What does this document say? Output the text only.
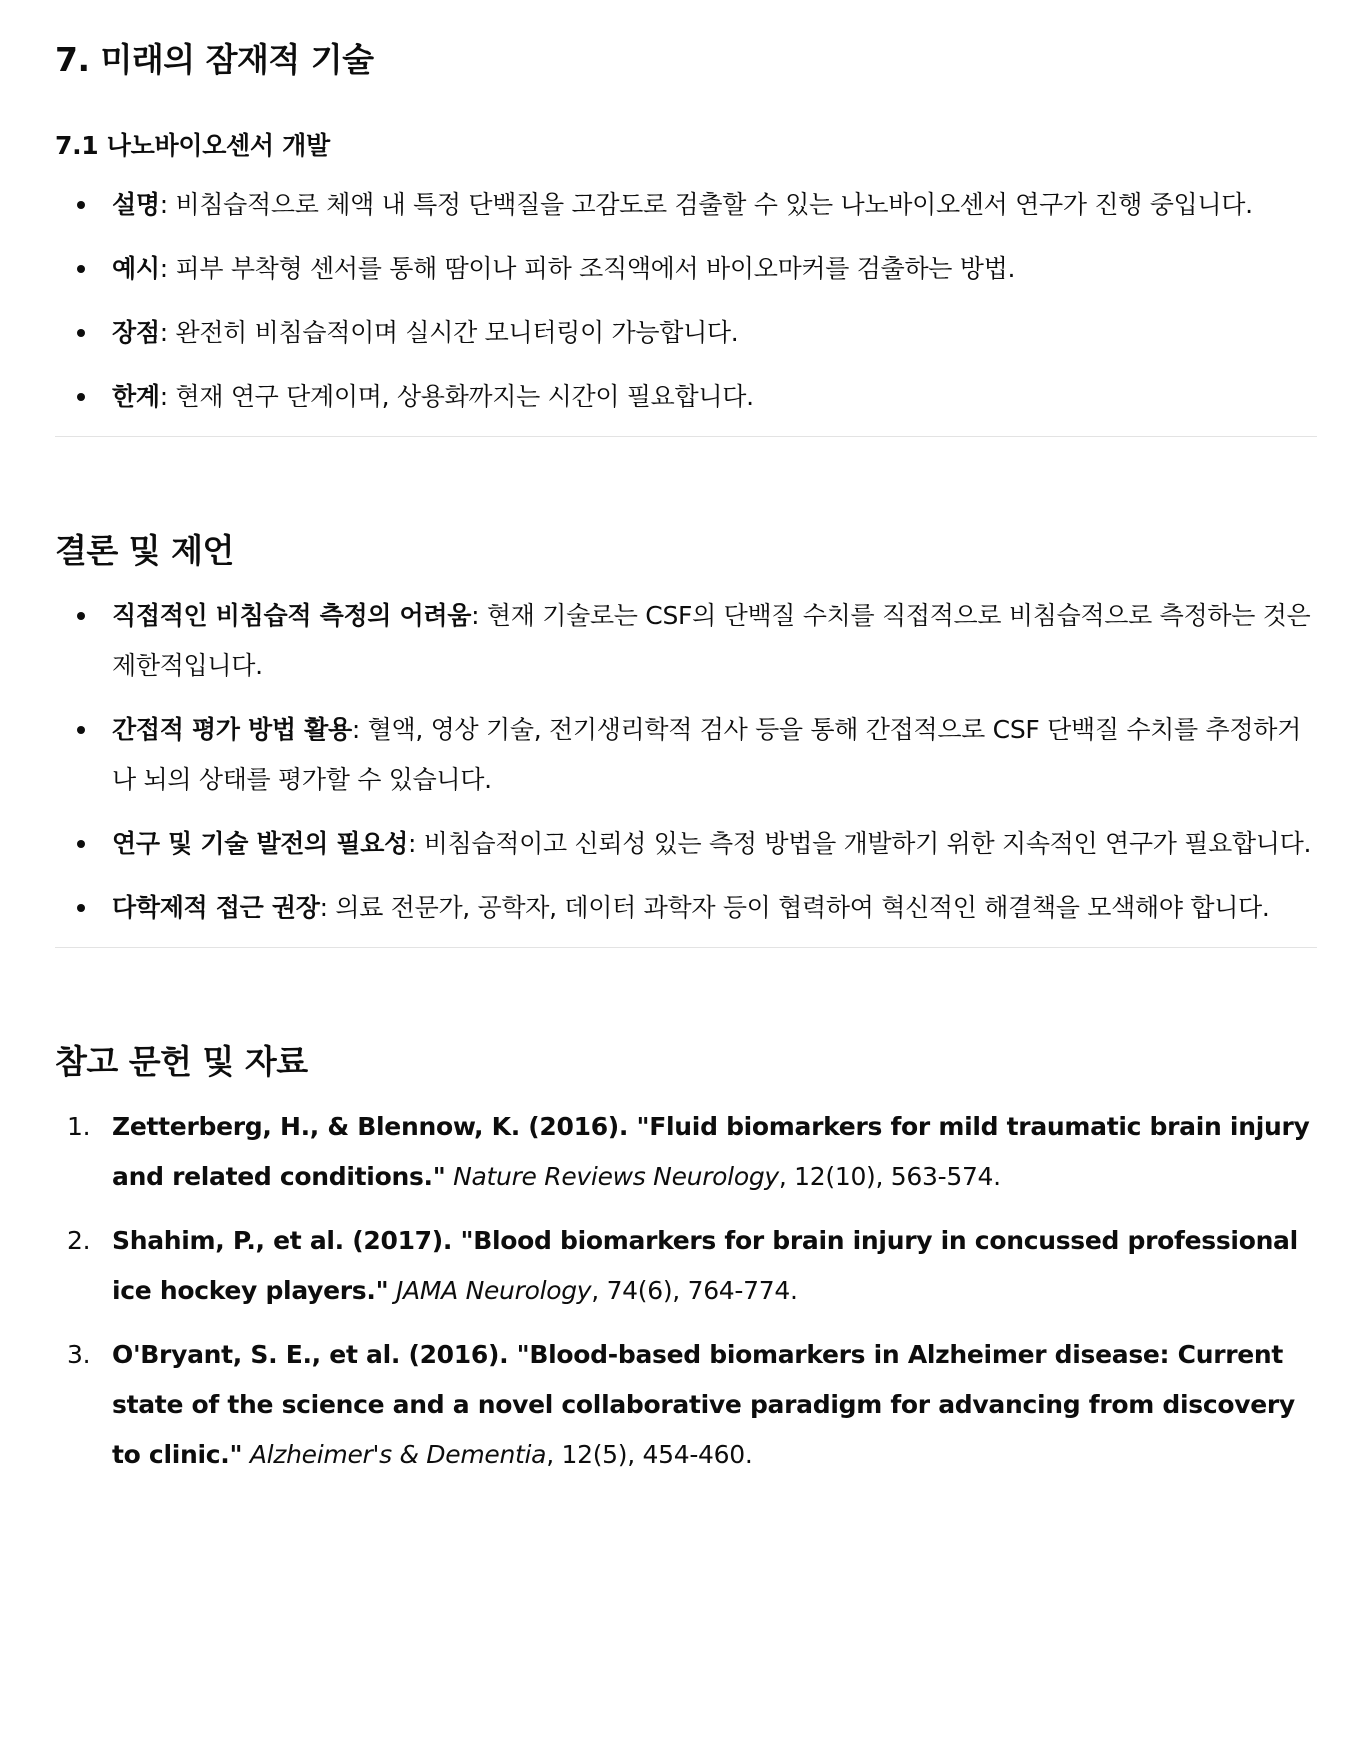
7. 미래의 잠재적 기술
7.1 나노바이오센서 개발
설명: 비침습적으로 체액 내 특정 단백질을 고감도로 검출할 수 있는 나노바이오센서 연구가 진행 중입니다.
예시: 피부 부착형 센서를 통해 땀이나 피하 조직액에서 바이오마커를 검출하는 방법.
장점: 완전히 비침습적이며 실시간 모니터링이 가능합니다.
한계: 현재 연구 단계이며, 상용화까지는 시간이 필요합니다.
결론 및 제언
직접적인 비침습적 측정의 어려움: 현재 기술로는 CSF의 단백질 수치를 직접적으로 비침습적으로 측정하는 것은 제한적입니다.
간접적 평가 방법 활용: 혈액, 영상 기술, 전기생리학적 검사 등을 통해 간접적으로 CSF 단백질 수치를 추정하거나 뇌의 상태를 평가할 수 있습니다.
연구 및 기술 발전의 필요성: 비침습적이고 신뢰성 있는 측정 방법을 개발하기 위한 지속적인 연구가 필요합니다.
다학제적 접근 권장: 의료 전문가, 공학자, 데이터 과학자 등이 협력하여 혁신적인 해결책을 모색해야 합니다.
참고 문헌 및 자료
1. Zetterberg, H., & Blennow, K. (2016). "Fluid biomarkers for mild traumatic brain injury and related conditions." Nature Reviews Neurology, 12(10), 563-574.
2. Shahim, P., et al. (2017). "Blood biomarkers for brain injury in concussed professional ice hockey players." JAMA Neurology, 74(6), 764-774.
3. O'Bryant, S. E., et al. (2016). "Blood-based biomarkers in Alzheimer disease: Current state of the science and a novel collaborative paradigm for advancing from discovery to clinic." Alzheimer's & Dementia, 12(5), 454-460.
